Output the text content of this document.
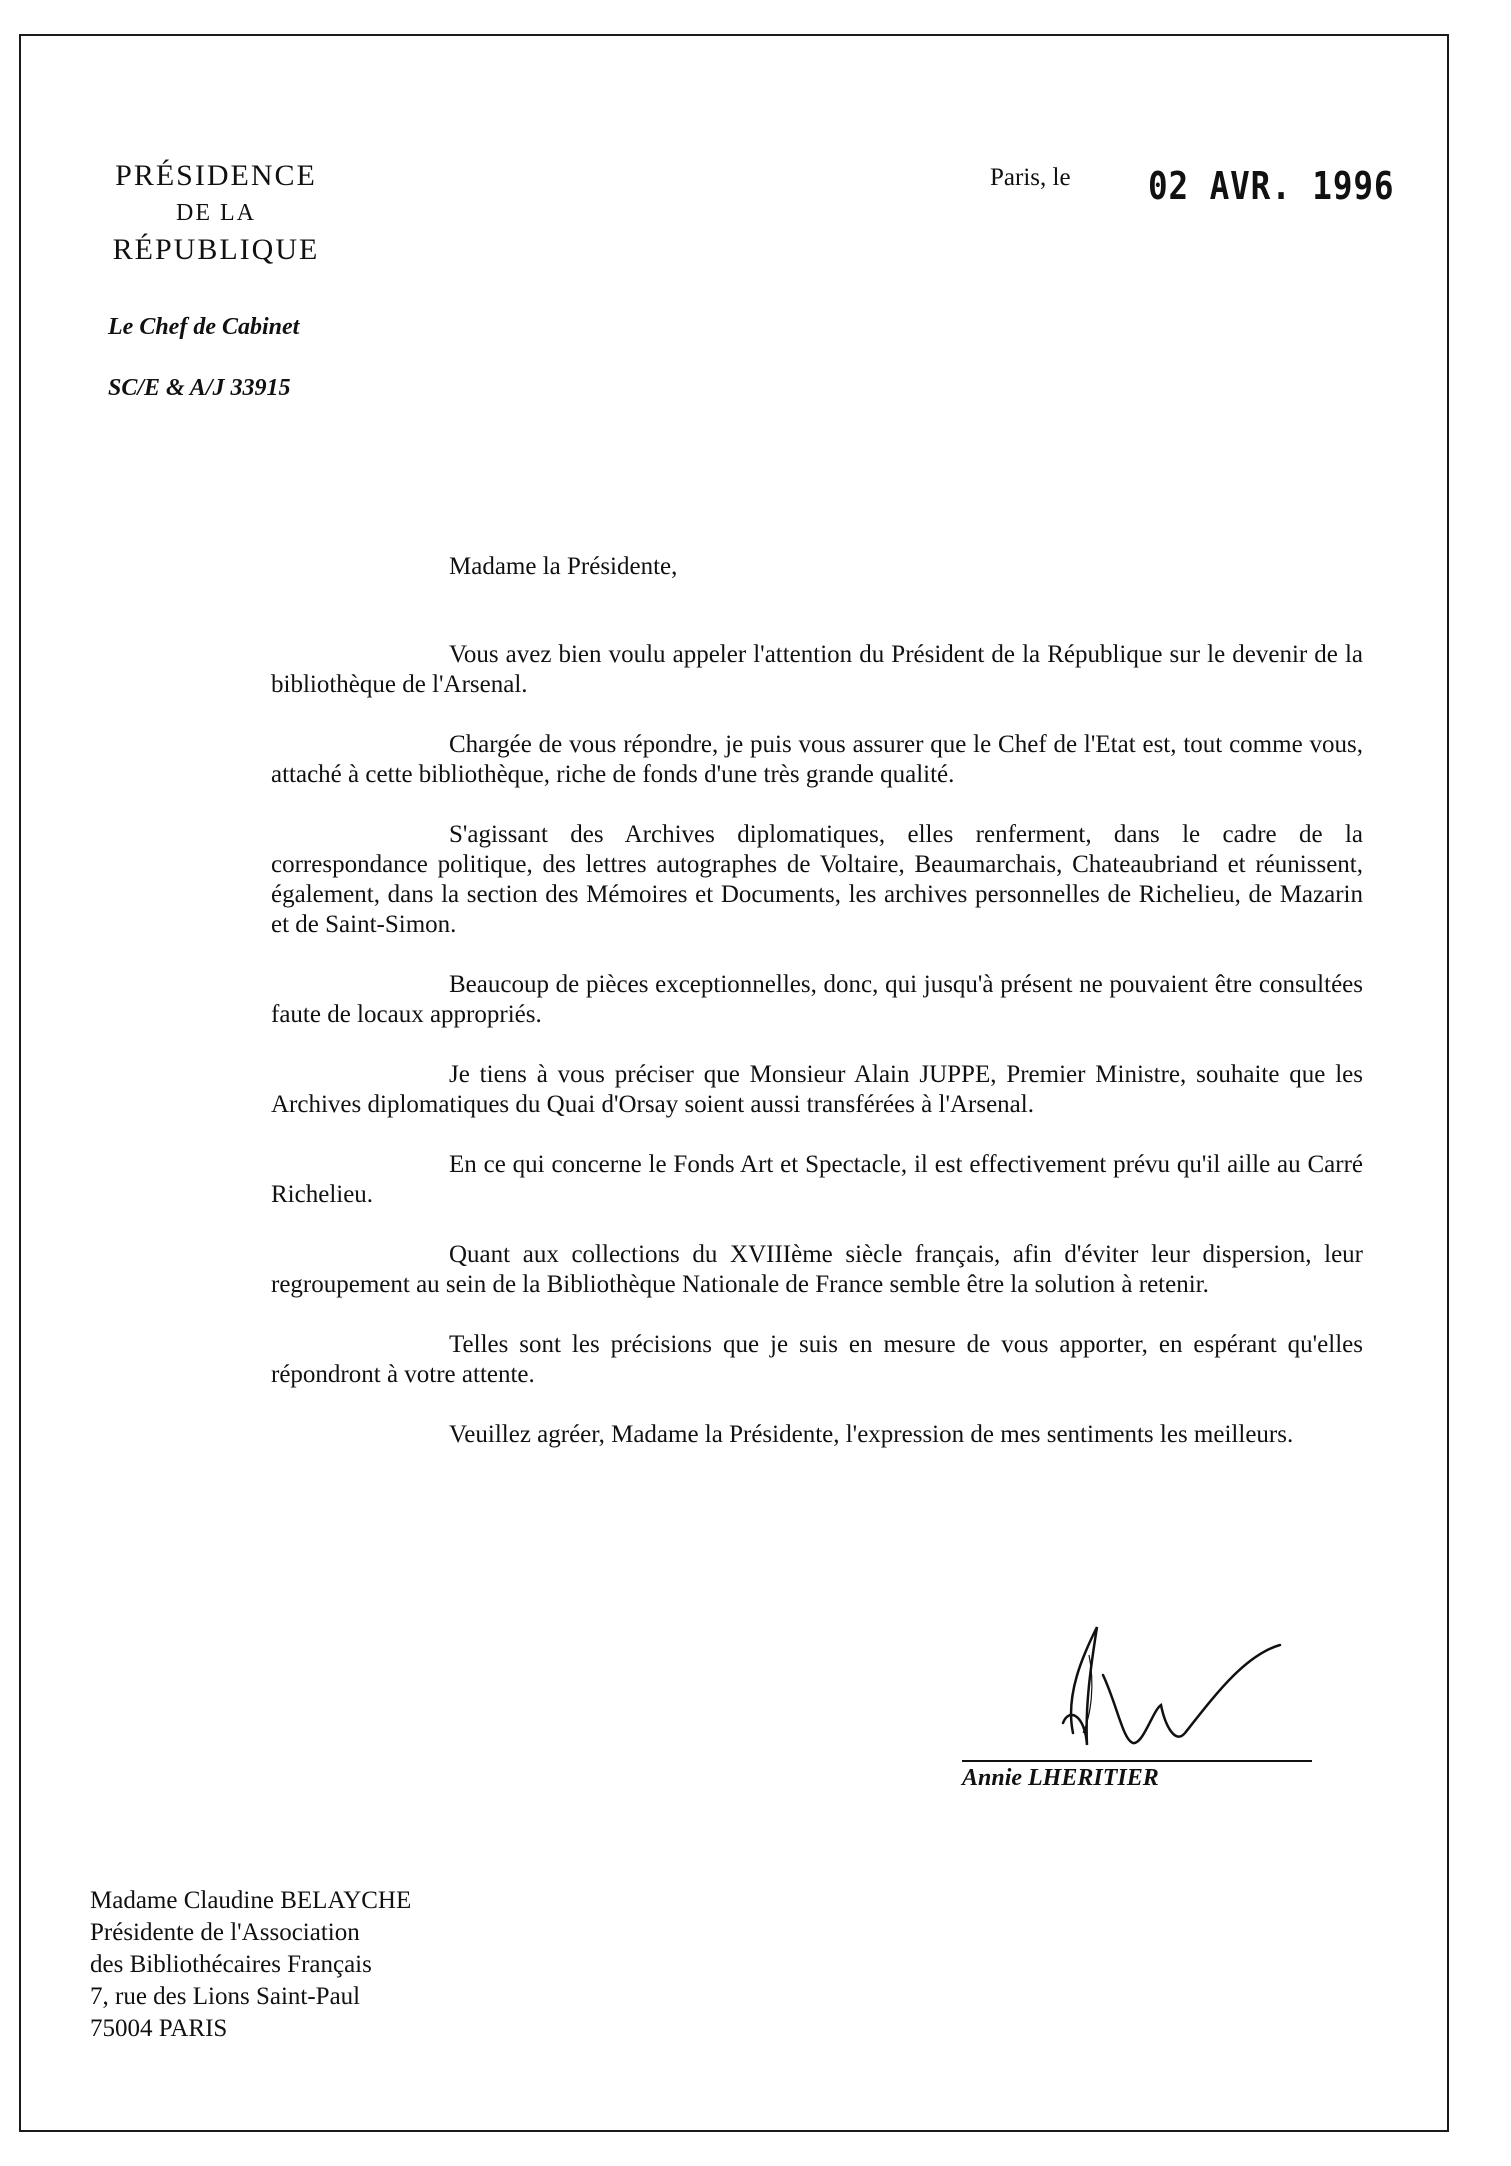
PRÉSIDENCE
DE LA
RÉPUBLIQUE
Le Chef de Cabinet
SC/E & A/J 33915
Paris, le 02 AVR. 1996
Madame la Présidente,

Vous avez bien voulu appeler l'attention du Président de la République sur le devenir de la bibliothèque de l'Arsenal.

Chargée de vous répondre, je puis vous assurer que le Chef de l'Etat est, tout comme vous, attaché à cette bibliothèque, riche de fonds d'une très grande qualité.

S'agissant des Archives diplomatiques, elles renferment, dans le cadre de la correspondance politique, des lettres autographes de Voltaire, Beaumarchais, Chateaubriand et réunissent, également, dans la section des Mémoires et Documents, les archives personnelles de Richelieu, de Mazarin et de Saint-Simon.

Beaucoup de pièces exceptionnelles, donc, qui jusqu'à présent ne pouvaient être consultées faute de locaux appropriés.

Je tiens à vous préciser que Monsieur Alain JUPPE, Premier Ministre, souhaite que les Archives diplomatiques du Quai d'Orsay soient aussi transférées à l'Arsenal.

En ce qui concerne le Fonds Art et Spectacle, il est effectivement prévu qu'il aille au Carré Richelieu.

Quant aux collections du XVIIIème siècle français, afin d'éviter leur dispersion, leur regroupement au sein de la Bibliothèque Nationale de France semble être la solution à retenir.

Telles sont les précisions que je suis en mesure de vous apporter, en espérant qu'elles répondront à votre attente.

Veuillez agréer, Madame la Présidente, l'expression de mes sentiments les meilleurs.

Annie LHERITIER
Madame Claudine BELAYCHE
Présidente de l'Association
des Bibliothécaires Français
7, rue des Lions Saint-Paul
75004 PARIS
